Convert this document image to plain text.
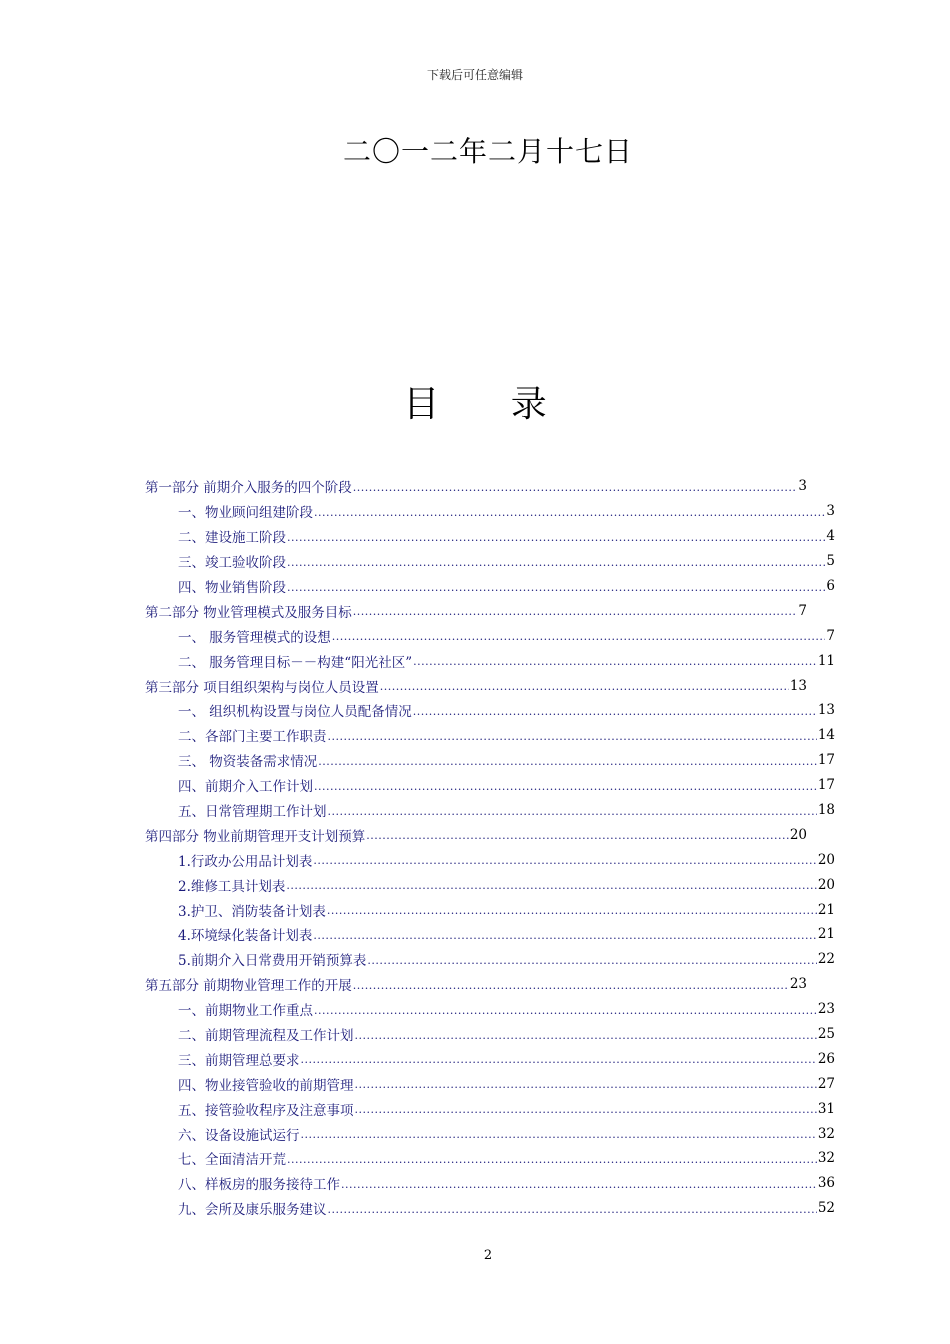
下载后可任意编辑
二〇一二年二月十七日
目 录
第一部分 前期介入服务的四个阶段 .....	3
一、物业顾问组建阶段 .....	3
二、建设施工阶段 .....	4
三、竣工验收阶段 .....	5
四、物业销售阶段 .....	6
第二部分 物业管理模式及服务目标 .....	7
一、 服务管理模式的设想 .....	7
二、 服务管理目标－－构建“阳光社区” .....	11
第三部分 项目组织架构与岗位人员设置 .....	13
一、 组织机构设置与岗位人员配备情况 .....	13
二、各部门主要工作职责 .....	14
三、 物资装备需求情况 .....	17
四、前期介入工作计划 .....	17
五、日常管理期工作计划 .....	18
第四部分 物业前期管理开支计划预算 .....	20
1.行政办公用品计划表 .....	20
2.维修工具计划表 .....	20
3.护卫、消防装备计划表 .....	21
4.环境绿化装备计划表 .....	21
5.前期介入日常费用开销预算表 .....	22
第五部分 前期物业管理工作的开展 .....	23
一、前期物业工作重点 .....	23
二、前期管理流程及工作计划 .....	25
三、前期管理总要求 .....	26
四、物业接管验收的前期管理 .....	27
五、接管验收程序及注意事项 .....	31
六、设备设施试运行 .....	32
七、全面清洁开荒 .....	32
八、样板房的服务接待工作 .....	36
九、会所及康乐服务建议 .....	52
2
